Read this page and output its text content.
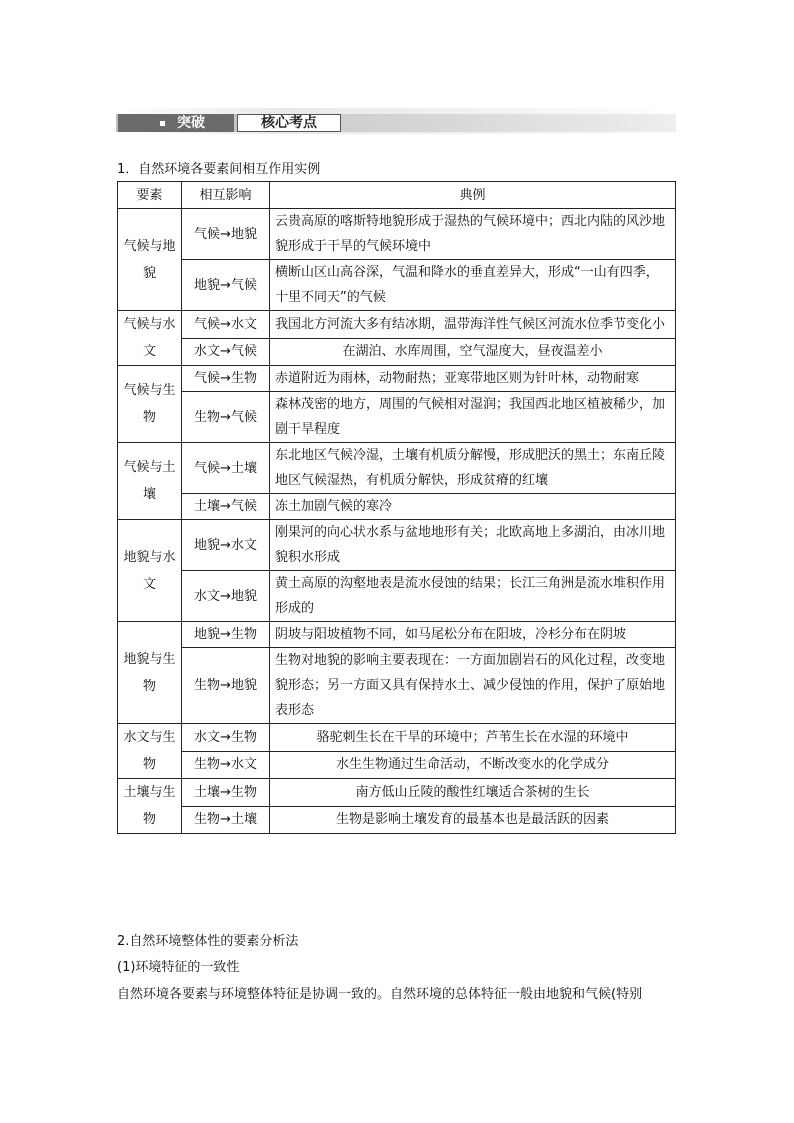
突破	核心考点
1．自然环境各要素间相互作用实例
要素	相互影响	典例
气候与地貌	气候→地貌	云贵高原的喀斯特地貌形成于湿热的气候环境中；西北内陆的风沙地貌形成于干旱的气候环境中
	地貌→气候	横断山区山高谷深，气温和降水的垂直差异大，形成“一山有四季，十里不同天”的气候
气候与水文	气候→水文	我国北方河流大多有结冰期，温带海洋性气候区河流水位季节变化小
	水文→气候	在湖泊、水库周围，空气湿度大，昼夜温差小
气候与生物	气候→生物	赤道附近为雨林，动物耐热；亚寒带地区则为针叶林，动物耐寒
	生物→气候	森林茂密的地方，周围的气候相对湿润；我国西北地区植被稀少，加剧干旱程度
气候与土壤	气候→土壤	东北地区气候冷湿，土壤有机质分解慢，形成肥沃的黑土；东南丘陵地区气候湿热，有机质分解快，形成贫瘠的红壤
	土壤→气候	冻土加剧气候的寒冷
地貌与水文	地貌→水文	刚果河的向心状水系与盆地地形有关；北欧高地上多湖泊，由冰川地貌积水形成
	水文→地貌	黄土高原的沟壑地表是流水侵蚀的结果；长江三角洲是流水堆积作用形成的
地貌与生物	地貌→生物	阴坡与阳坡植物不同，如马尾松分布在阳坡，冷杉分布在阴坡
	生物→地貌	生物对地貌的影响主要表现在：一方面加剧岩石的风化过程，改变地貌形态；另一方面又具有保持水土、减少侵蚀的作用，保护了原始地表形态
水文与生物	水文→生物	骆驼刺生长在干旱的环境中；芦苇生长在水湿的环境中
	生物→水文	水生生物通过生命活动，不断改变水的化学成分
土壤与生物	土壤→生物	南方低山丘陵的酸性红壤适合茶树的生长
	生物→土壤	生物是影响土壤发育的最基本也是最活跃的因素
2.自然环境整体性的要素分析法
(1)环境特征的一致性
自然环境各要素与环境整体特征是协调一致的。自然环境的总体特征一般由地貌和气候(特别
